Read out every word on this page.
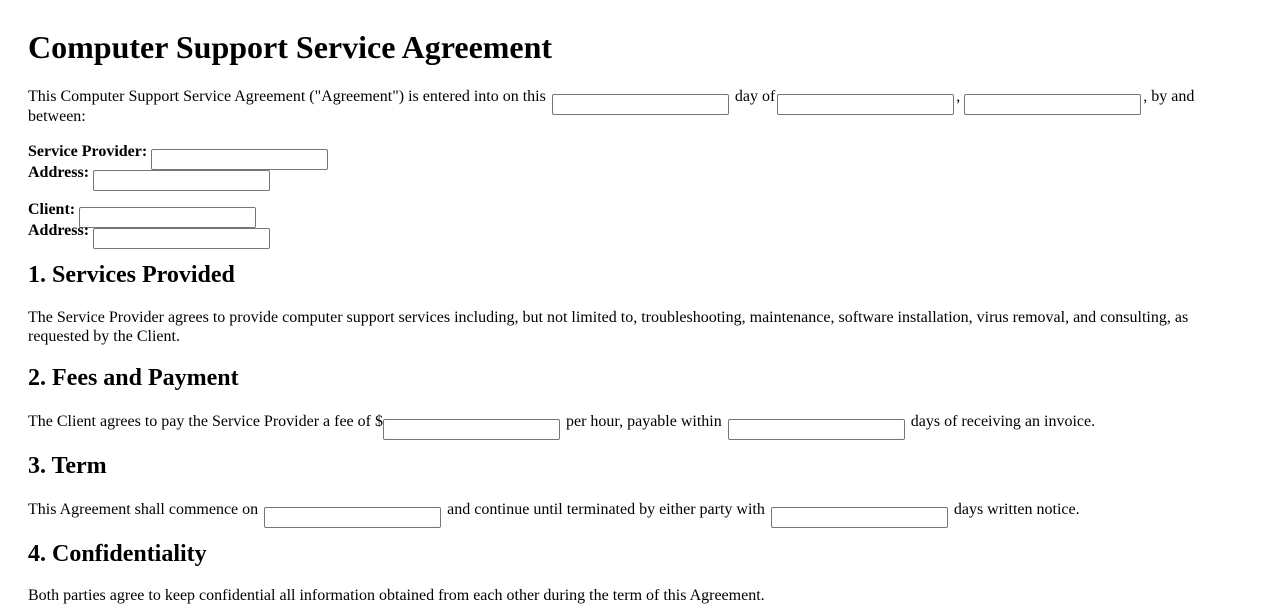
Computer Support Service Agreement
This Computer Support Service Agreement ("Agreement") is entered into on this	day of	,	, by and
between:
Service Provider:
Address:
Client:
Address:
1. Services Provided

The Service Provider agrees to provide computer support services including, but not limited to, troubleshooting, maintenance, software installation, virus removal, and consulting, as requested by the Client.

2. Fees and Payment
The Client agrees to pay the Service Provider a fee of $	per hour, payable within	days of receiving an invoice.
3. Term
This Agreement shall commence on	and continue until terminated by either party with	days written notice.
4. Confidentiality

Both parties agree to keep confidential all information obtained from each other during the term of this Agreement.
